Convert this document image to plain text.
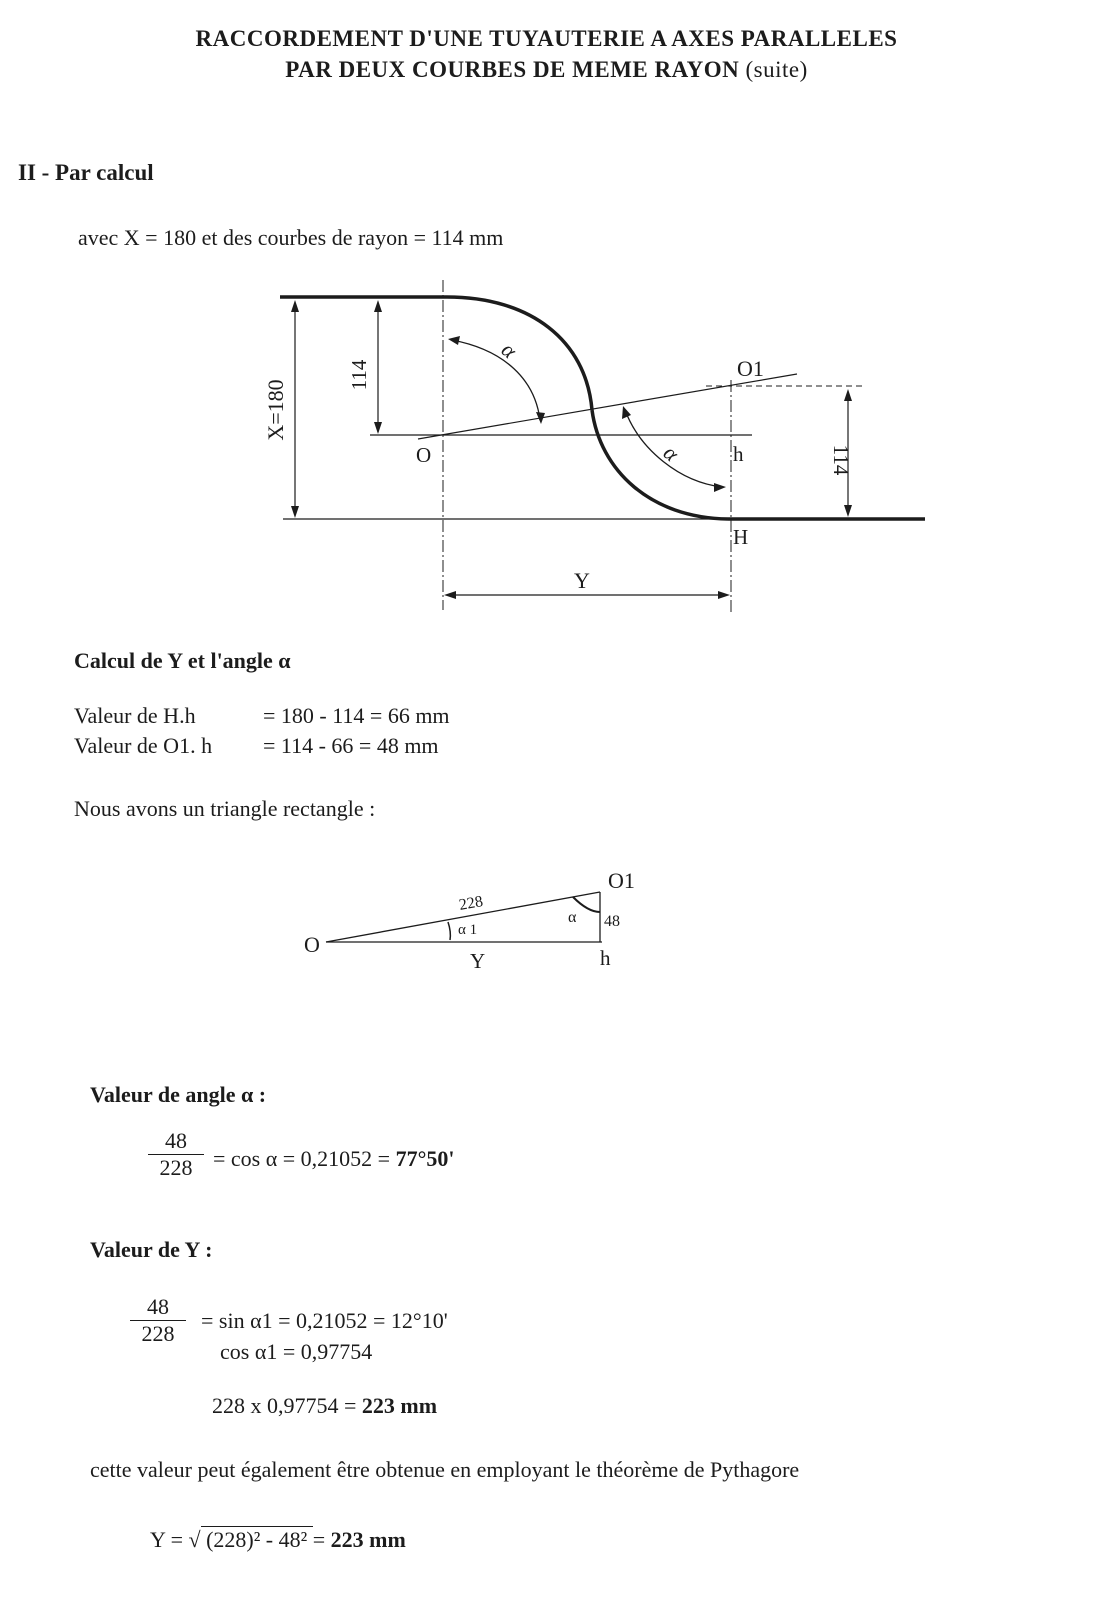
RACCORDEMENT D'UNE TUYAUTERIE A AXES PARALLELES
PAR DEUX COURBES DE MEME RAYON (suite)
II - Par calcul
avec X = 180 et des courbes de rayon = 114 mm
X=180
114
114
Y
α
α
O
O1
h
H
Calcul de Y et l'angle α
Valeur de H.h	= 180 - 114 = 66 mm
Valeur de O1. h = 114 - 66 = 48 mm
Nous avons un triangle rectangle :
O
O1
h
Y
228
48
α
α 1
Valeur de angle α :
48
228 = cos α = 0,21052 = 77°50'
Valeur de Y :
48
228
= sin α1 = 0,21052 = 12°10'
cos α1 = 0,97754
228 x 0,97754 = 223 mm
cette valeur peut également être obtenue en employant le théorème de Pythagore
Y = √ (228)² - 48² = 223 mm
